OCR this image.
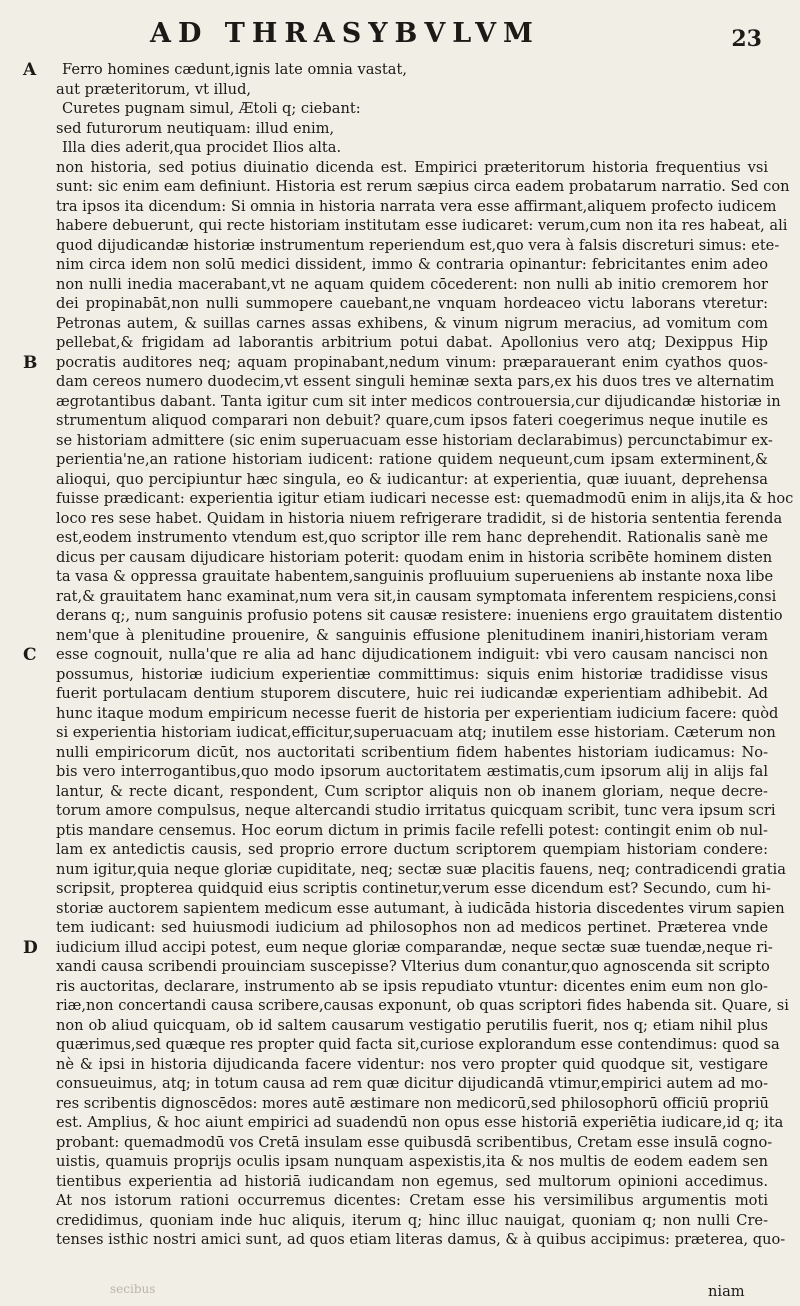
AD THRASYBVLVM	23
A Ferro homines cædunt,ignis late omnia vastat,
aut præteritorum, vt illud,
Curetes pugnam simul, Ætoli q; ciebant:
sed futurorum neutiquam: illud enim,
Illa dies aderit,qua procidet Ilios alta.
non historia, sed potius diuinatio dicenda est. Empirici præteritorum historia frequentius vsi
sunt: sic enim eam definiunt. Historia est rerum sæpius circa eadem probatarum narratio. Sed con
tra ipsos ita dicendum: Si omnia in historia narrata vera esse affirmant,aliquem profecto iudicem
habere debuerunt, qui recte historiam institutam esse iudicaret: verum,cum non ita res habeat, ali
quod dijudicandæ historiæ instrumentum reperiendum est,quo vera à falsis discreturi simus: ete-
nim circa idem non solū medici dissident, immo & contraria opinantur: febricitantes enim adeo
non nulli inedia macerabant,vt ne aquam quidem cōcederent: non nulli ab initio cremorem hor
dei propinabāt,non nulli summopere cauebant,ne vnquam hordeaceo victu laborans vteretur:
Petronas autem, & suillas carnes assas exhibens, & vinum nigrum meracius, ad vomitum com
pellebat,& frigidam ad laborantis arbitrium potui dabat. Apollonius vero atq; Dexippus Hip
B pocratis auditores neq; aquam propinabant,nedum vinum: præparauerant enim cyathos quos-
dam cereos numero duodecim,vt essent singuli heminæ sexta pars,ex his duos tres ve alternatim
ægrotantibus dabant. Tanta igitur cum sit inter medicos controuersia,cur dijudicandæ historiæ in
strumentum aliquod comparari non debuit? quare,cum ipsos fateri coegerimus neque inutile es
se historiam admittere (sic enim superuacuam esse historiam declarabimus) percunctabimur ex-
perientia'ne,an ratione historiam iudicent: ratione quidem nequeunt,cum ipsam exterminent,&
alioqui, quo percipiuntur hæc singula, eo & iudicantur: at experientia, quæ iuuant, deprehensa
fuisse prædicant: experientia igitur etiam iudicari necesse est: quemadmodū enim in alijs,ita & hoc
loco res sese habet. Quidam in historia niuem refrigerare tradidit, si de historia sententia ferenda
est,eodem instrumento vtendum est,quo scriptor ille rem hanc deprehendit. Rationalis sanè me
dicus per causam dijudicare historiam poterit: quodam enim in historia scribēte hominem disten
ta vasa & oppressa grauitate habentem,sanguinis profluuium superueniens ab instante noxa libe
rat,& grauitatem hanc examinat,num vera sit,in causam symptomata inferentem respiciens,consi
derans q;, num sanguinis profusio potens sit causæ resistere: inueniens ergo grauitatem distentio
nem'que à plenitudine prouenire, & sanguinis effusione plenitudinem inaniri,historiam veram
C esse cognouit, nulla'que re alia ad hanc dijudicationem indiguit: vbi vero causam nancisci non
possumus, historiæ iudicium experientiæ committimus: siquis enim historiæ tradidisse visus
fuerit portulacam dentium stuporem discutere, huic rei iudicandæ experientiam adhibebit. Ad
hunc itaque modum empiricum necesse fuerit de historia per experientiam iudicium facere: quòd
si experientia historiam iudicat,efficitur,superuacuam atq; inutilem esse historiam. Cæterum non
nulli empiricorum dicūt, nos auctoritati scribentium fidem habentes historiam iudicamus: No-
bis vero interrogantibus,quo modo ipsorum auctoritatem æstimatis,cum ipsorum alij in alijs fal
lantur, & recte dicant, respondent, Cum scriptor aliquis non ob inanem gloriam, neque decre-
torum amore compulsus, neque altercandi studio irritatus quicquam scribit, tunc vera ipsum scri
ptis mandare censemus. Hoc eorum dictum in primis facile refelli potest: contingit enim ob nul-
lam ex antedictis causis, sed proprio errore ductum scriptorem quempiam historiam condere:
num igitur,quia neque gloriæ cupiditate, neq; sectæ suæ placitis fauens, neq; contradicendi gratia
scripsit, propterea quidquid eius scriptis continetur,verum esse dicendum est? Secundo, cum hi-
storiæ auctorem sapientem medicum esse autumant, à iudicāda historia discedentes virum sapien
tem iudicant: sed huiusmodi iudicium ad philosophos non ad medicos pertinet. Præterea vnde
D iudicium illud accipi potest, eum neque gloriæ comparandæ, neque sectæ suæ tuendæ,neque ri-
xandi causa scribendi prouinciam suscepisse? Vlterius dum conantur,quo agnoscenda sit scripto
ris auctoritas, declarare, instrumento ab se ipsis repudiato vtuntur: dicentes enim eum non glo-
riæ,non concertandi causa scribere,causas exponunt, ob quas scriptori fides habenda sit. Quare, si
non ob aliud quicquam, ob id saltem causarum vestigatio perutilis fuerit, nos q; etiam nihil plus
quærimus,sed quæque res propter quid facta sit,curiose explorandum esse contendimus: quod sa
nè & ipsi in historia dijudicanda facere videntur: nos vero propter quid quodque sit, vestigare
consueuimus, atq; in totum causa ad rem quæ dicitur dijudicandā vtimur,empirici autem ad mo-
res scribentis dignoscēdos: mores autē æstimare non medicorū,sed philosophorū officiū propriū
est. Amplius, & hoc aiunt empirici ad suadendū non opus esse historiā experiētia iudicare,id q; ita
probant: quemadmodū vos Cretā insulam esse quibusdā scribentibus, Cretam esse insulā cogno-
uistis, quamuis proprijs oculis ipsam nunquam aspexistis,ita & nos multis de eodem eadem sen
tientibus experientia ad historiā iudicandam non egemus, sed multorum opinioni accedimus.
At nos istorum rationi occurremus dicentes: Cretam esse his versimilibus argumentis moti
credidimus, quoniam inde huc aliquis, iterum q; hinc illuc nauigat, quoniam q; non nulli Cre-
tenses isthic nostri amici sunt, ad quos etiam literas damus, & à quibus accipimus: præterea, quo-
secibus	niam
